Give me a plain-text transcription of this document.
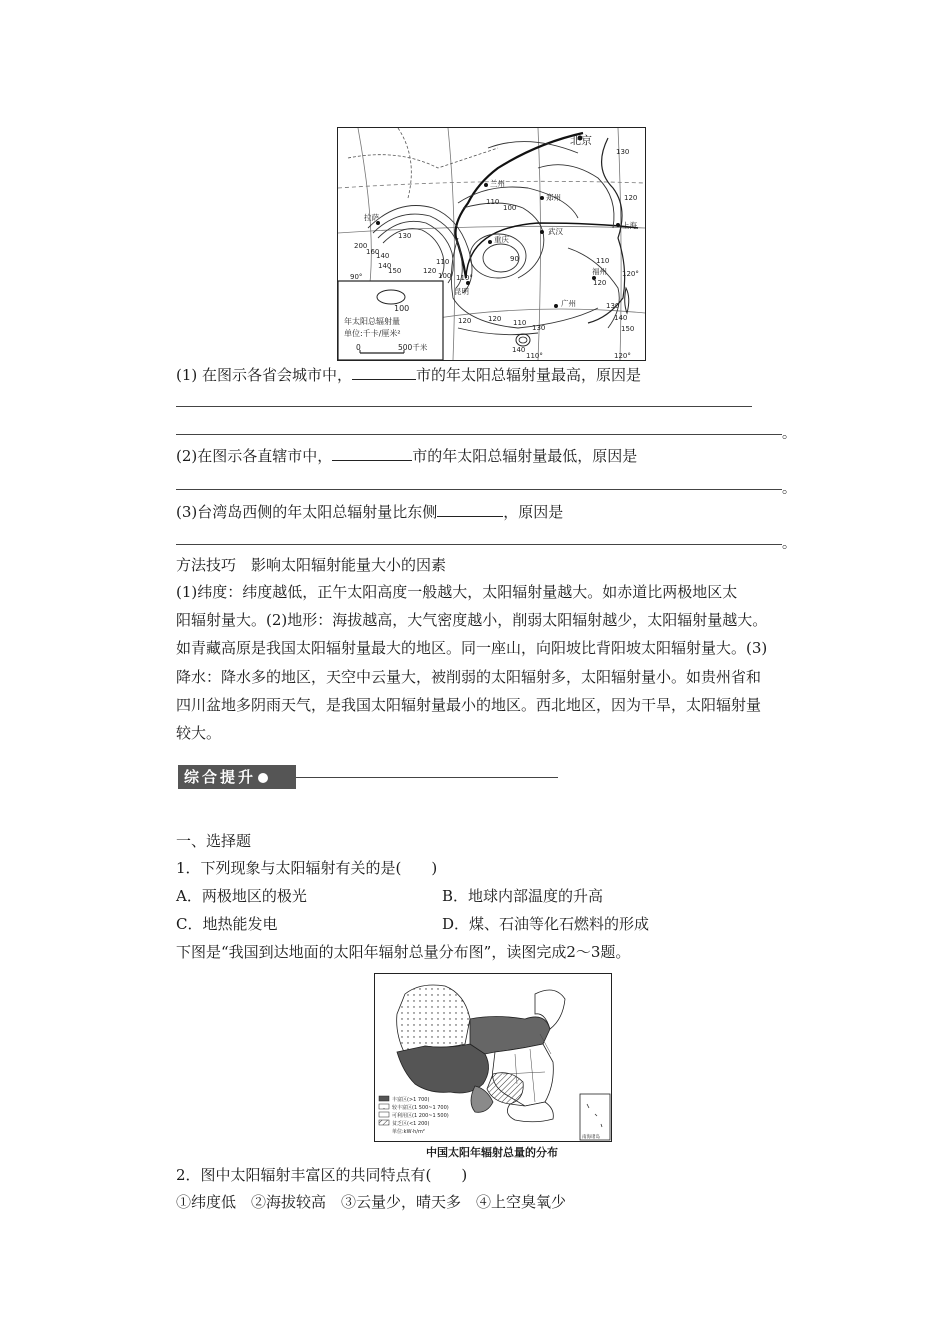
北京
兰州
郑州
上海
拉萨
重庆
武汉
昆明
福州
广州
130
120
110
100
90
110
120
130
140
160
200
150
140
110
100
120
130
140
150
120 110
120
130
140
90°	110°	120°
110°	120°
100
年太阳总辐射量
单位:千卡/厘米²
0	500千米
(1) 在图示各省会城市中，	市的年太阳总辐射量最高，原因是
。
(2)在图示各直辖市中，	市的年太阳总辐射量最低，原因是
。
(3)台湾岛西侧的年太阳总辐射量比东侧	，原因是
。
方法技巧　影响太阳辐射能量大小的因素

(1)纬度：纬度越低，正午太阳高度一般越大，太阳辐射量越大。如赤道比两极地区太

阳辐射量大。(2)地形：海拔越高，大气密度越小，削弱太阳辐射越少，太阳辐射量越大。

如青藏高原是我国太阳辐射量最大的地区。同一座山，向阳坡比背阳坡太阳辐射量大。(3)

降水：降水多的地区，天空中云量大，被削弱的太阳辐射多，太阳辐射量小。如贵州省和

四川盆地多阴雨天气，是我国太阳辐射量最小的地区。西北地区，因为干旱，太阳辐射量

较大。

综合提升
一、选择题
1．下列现象与太阳辐射有关的是(　　)
A．两极地区的极光	B．地球内部温度的升高
C．地热能发电	D．煤、石油等化石燃料的形成
下图是“我国到达地面的太阳年辐射总量分布图”，读图完成2～3题。
南海诸岛
丰富区(>1 700)
较丰富区(1 500~1 700)
可利用区(1 200~1 500)
贫乏区(<1 200)
单位:kW·h/m²
中国太阳年辐射总量的分布
2．图中太阳辐射丰富区的共同特点有(　　)
①纬度低　②海拔较高　③云量少，晴天多　④上空臭氧少
